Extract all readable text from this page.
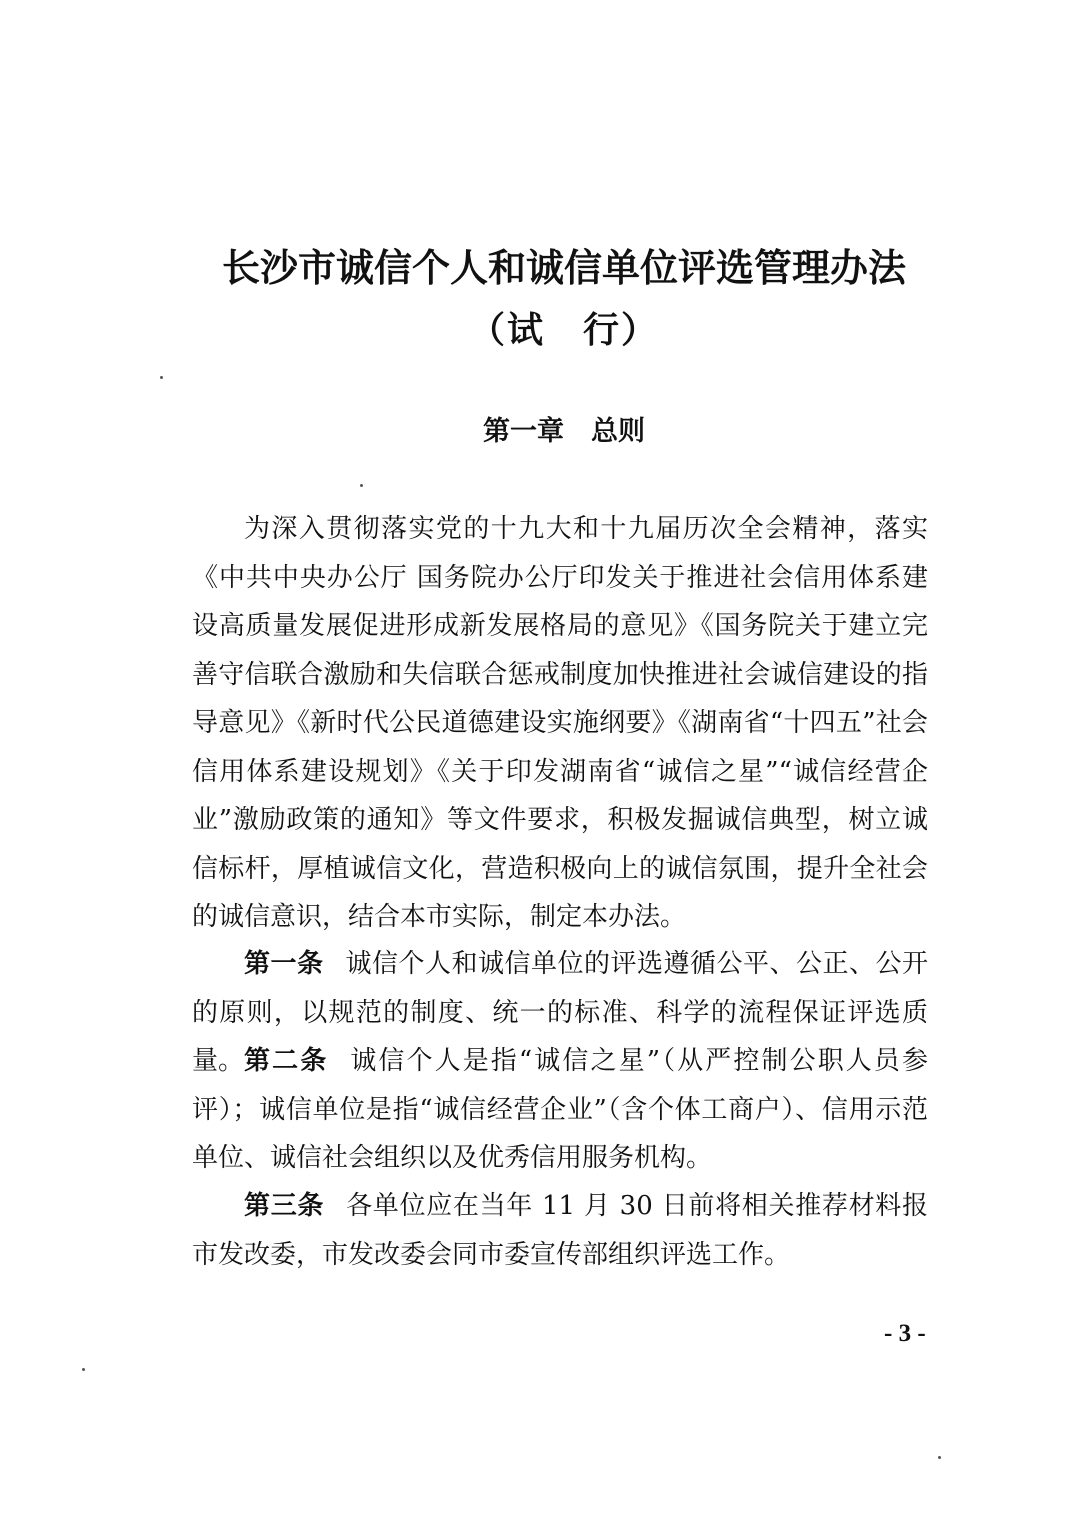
长沙市诚信个人和诚信单位评选管理办法
（试　行）
第一章　总则

为深入贯彻落实党的十九大和十九届历次全会精神，落实《中共中央办公厅 国务院办公厅印发关于推进社会信用体系建设高质量发展促进形成新发展格局的意见》《国务院关于建立完善守信联合激励和失信联合惩戒制度加快推进社会诚信建设的指导意见》《新时代公民道德建设实施纲要》《湖南省“十四五”社会信用体系建设规划》《关于印发湖南省“诚信之星”“诚信经营企业”激励政策的通知》等文件要求，积极发掘诚信典型，树立诚信标杆，厚植诚信文化，营造积极向上的诚信氛围，提升全社会的诚信意识，结合本市实际，制定本办法。

第一条 诚信个人和诚信单位的评选遵循公平、公正、公开的原则，以规范的制度、统一的标准、科学的流程保证评选质量。 第二条 诚信个人是指“诚信之星”（从严控制公职人员参评）；诚信单位是指“诚信经营企业”（含个体工商户）、信用示范单位、诚信社会组织以及优秀信用服务机构。

第三条 各单位应在当年 11 月 30 日前将相关推荐材料报市发改委，市发改委会同市委宣传部组织评选工作。

- 3 -
